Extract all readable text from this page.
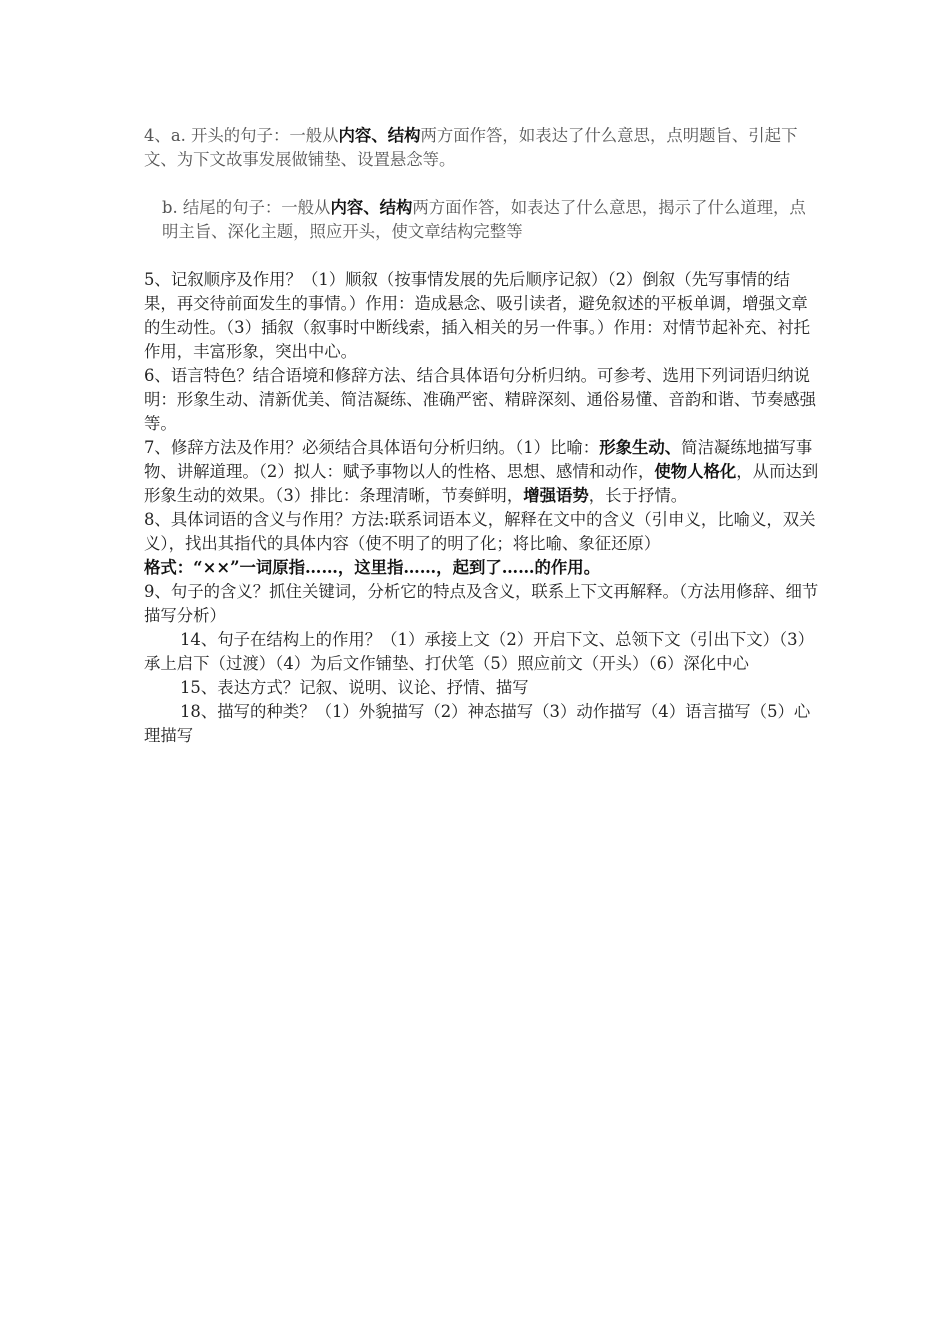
4、a. 开头的句子：一般从内容、结构两方面作答，如表达了什么意思，点明题旨、引起下文、为下文故事发展做铺垫、设置悬念等。

b. 结尾的句子：一般从内容、结构两方面作答，如表达了什么意思，揭示了什么道理，点明主旨、深化主题，照应开头，使文章结构完整等

5、记叙顺序及作用？（1）顺叙（按事情发展的先后顺序记叙）（2）倒叙（先写事情的结果，再交待前面发生的事情。）作用：造成悬念、吸引读者，避免叙述的平板单调，增强文章的生动性。（3）插叙（叙事时中断线索，插入相关的另一件事。）作用：对情节起补充、衬托作用，丰富形象，突出中心。

6、语言特色？结合语境和修辞方法、结合具体语句分析归纳。可参考、选用下列词语归纳说明：形象生动、清新优美、简洁凝练、准确严密、精辟深刻、通俗易懂、音韵和谐、节奏感强等。

7、修辞方法及作用？必须结合具体语句分析归纳。（1）比喻：形象生动、简洁凝练地描写事物、讲解道理。（2）拟人：赋予事物以人的性格、思想、感情和动作，使物人格化，从而达到形象生动的效果。（3）排比：条理清晰，节奏鲜明，增强语势，长于抒情。

8、具体词语的含义与作用？方法:联系词语本义，解释在文中的含义（引申义，比喻义，双关义），找出其指代的具体内容（使不明了的明了化；将比喻、象征还原）

格式：“××”一词原指……，这里指……，起到了……的作用。

9、句子的含义？抓住关键词，分析它的特点及含义，联系上下文再解释。（方法用修辞、细节描写分析）

14、句子在结构上的作用？（1）承接上文（2）开启下文、总领下文（引出下文）（3）承上启下（过渡）（4）为后文作铺垫、打伏笔（5）照应前文（开头）（6）深化中心

15、表达方式？记叙、说明、议论、抒情、描写

18、描写的种类？（1）外貌描写（2）神态描写（3）动作描写（4）语言描写（5）心理描写
